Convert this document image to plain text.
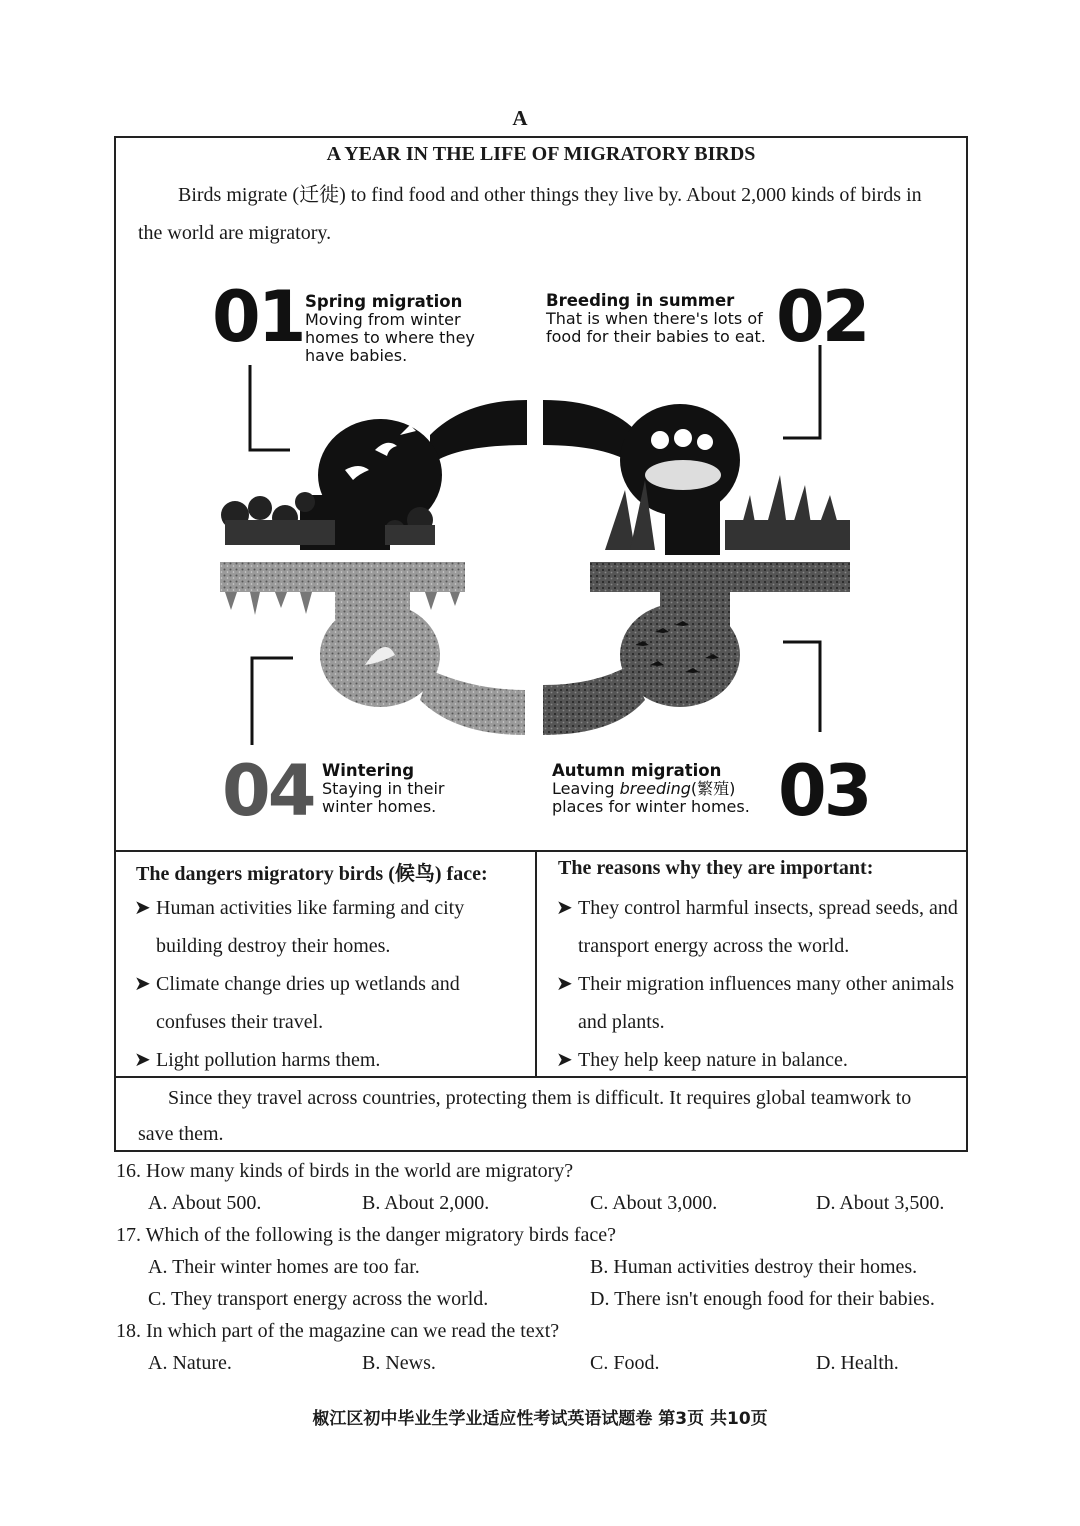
A
A YEAR IN THE LIFE OF MIGRATORY BIRDS
Birds migrate (迁徙) to find food and other things they live by. About 2,000 kinds of birds in the world are migratory.
01 Spring migration
Moving from winter homes to where they have babies.	02
Breeding in summer
That is when there's lots of food for their babies to eat.
03
Autumn migration
Leaving breeding(繁殖) places for winter homes.
04 Wintering
Staying in their winter homes.
The dangers migratory birds (候鸟) face:
➤ Human activities like farming and city building destroy their homes.
➤ Climate change dries up wetlands and confuses their travel.
➤ Light pollution harms them.
The reasons why they are important:
➤ They control harmful insects, spread seeds, and transport energy across the world.
➤ Their migration influences many other animals and plants.
➤ They help keep nature in balance.
Since they travel across countries, protecting them is difficult. It requires global teamwork to save them.
16. How many kinds of birds in the world are migratory?
A. About 500.	B. About 2,000.	C. About 3,000.	D. About 3,500.
17. Which of the following is the danger migratory birds face?
A. Their winter homes are too far.	B. Human activities destroy their homes.
C. They transport energy across the world.	D. There isn't enough food for their babies.
18. In which part of the magazine can we read the text?
A. Nature.	B. News.	C. Food.	D. Health.
椒江区初中毕业生学业适应性考试英语试题卷 第3页 共10页
